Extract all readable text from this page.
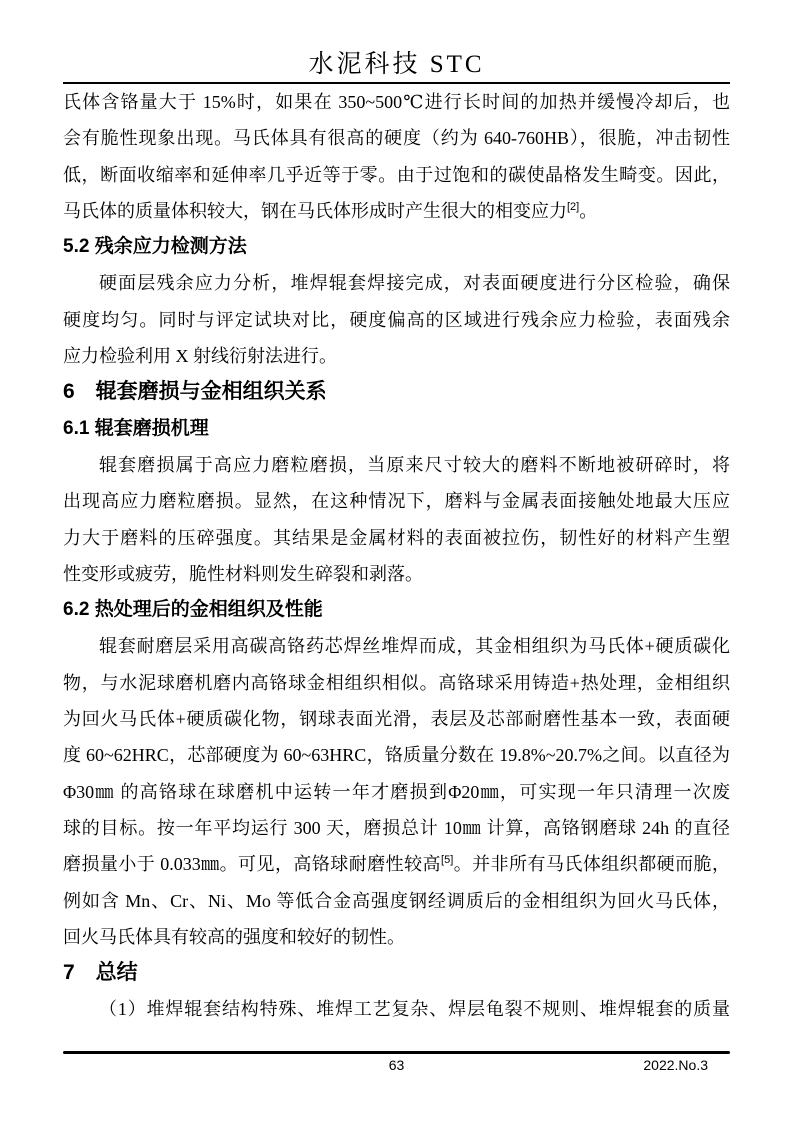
水泥科技 STC
氏体含铬量大于 15%时，如果在 350~500℃进行长时间的加热并缓慢冷却后，也
会有脆性现象出现。马氏体具有很高的硬度（约为 640-760HB），很脆，冲击韧性
低，断面收缩率和延伸率几乎近等于零。由于过饱和的碳使晶格发生畸变。因此，
马氏体的质量体积较大，钢在马氏体形成时产生很大的相变应力[2]。
5.2 残余应力检测方法
硬面层残余应力分析，堆焊辊套焊接完成，对表面硬度进行分区检验，确保
硬度均匀。同时与评定试块对比，硬度偏高的区域进行残余应力检验，表面残余
应力检验利用 X 射线衍射法进行。
6　辊套磨损与金相组织关系
6.1 辊套磨损机理
辊套磨损属于高应力磨粒磨损，当原来尺寸较大的磨料不断地被研碎时，将
出现高应力磨粒磨损。显然，在这种情况下，磨料与金属表面接触处地最大压应
力大于磨料的压碎强度。其结果是金属材料的表面被拉伤，韧性好的材料产生塑
性变形或疲劳，脆性材料则发生碎裂和剥落。
6.2 热处理后的金相组织及性能
辊套耐磨层采用高碳高铬药芯焊丝堆焊而成，其金相组织为马氏体+硬质碳化
物，与水泥球磨机磨内高铬球金相组织相似。高铬球采用铸造+热处理，金相组织
为回火马氏体+硬质碳化物，钢球表面光滑，表层及芯部耐磨性基本一致，表面硬
度 60~62HRC，芯部硬度为 60~63HRC，铬质量分数在 19.8%~20.7%之间。以直径为
Φ30㎜ 的高铬球在球磨机中运转一年才磨损到Φ20㎜，可实现一年只清理一次废
球的目标。按一年平均运行 300 天，磨损总计 10㎜ 计算，高铬钢磨球 24h 的直径
磨损量小于 0.033㎜。可见，高铬球耐磨性较高[5]。并非所有马氏体组织都硬而脆，
例如含 Mn、Cr、Ni、Mo 等低合金高强度钢经调质后的金相组织为回火马氏体，
回火马氏体具有较高的强度和较好的韧性。
7　总结
（1）堆焊辊套结构特殊、堆焊工艺复杂、焊层龟裂不规则、堆焊辊套的质量
63	2022.No.3
